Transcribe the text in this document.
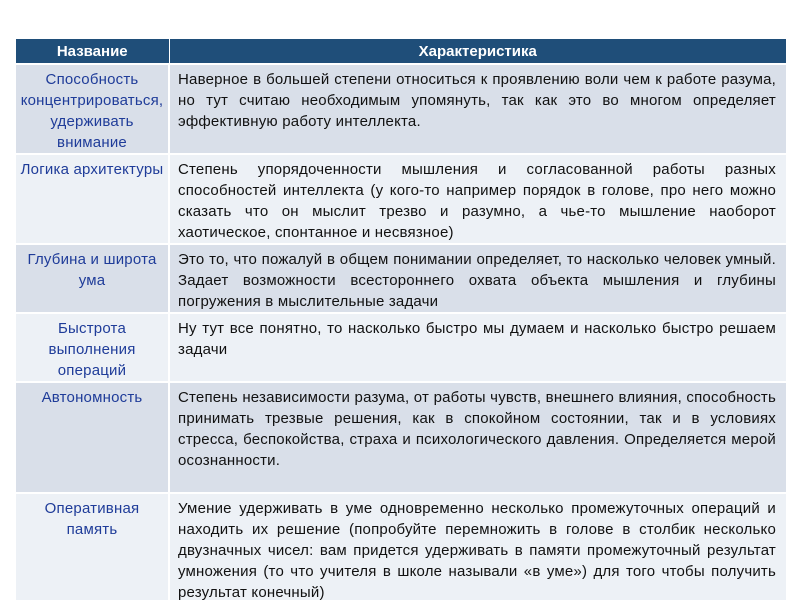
Название	Характеристика
Способность концентрироваться, удерживать внимание	Наверное в большей степени относиться к проявлению воли чем к работе разума, но тут считаю необходимым упомянуть, так как это во многом определяет эффективную работу интеллекта.
Логика архитектуры	Степень упорядоченности мышления и согласованной работы разных способностей интеллекта (у кого-то например порядок в голове, про него можно сказать что он мыслит трезво и разумно, а чье-то мышление наоборот хаотическое, спонтанное и несвязное)
Глубина и широта ума	Это то, что пожалуй в общем понимании определяет, то насколько человек умный. Задает возможности всестороннего охвата объекта мышления и глубины погружения в мыслительные задачи
Быстрота выполнения операций	Ну тут все понятно, то насколько быстро мы думаем и насколько быстро решаем задачи
Автономность	Степень независимости разума, от работы чувств, внешнего влияния, способность принимать трезвые решения, как в спокойном состоянии, так и в условиях стресса, беспокойства, страха и психологического давления. Определяется мерой осознанности.
Оперативная память	Умение удерживать в уме одновременно несколько промежуточных операций и находить их решение (попробуйте перемножить в голове в столбик несколько двузначных чисел: вам придется удерживать в памяти промежуточный результат умножения (то что учителя в школе называли «в уме») для того чтобы получить результат конечный)
